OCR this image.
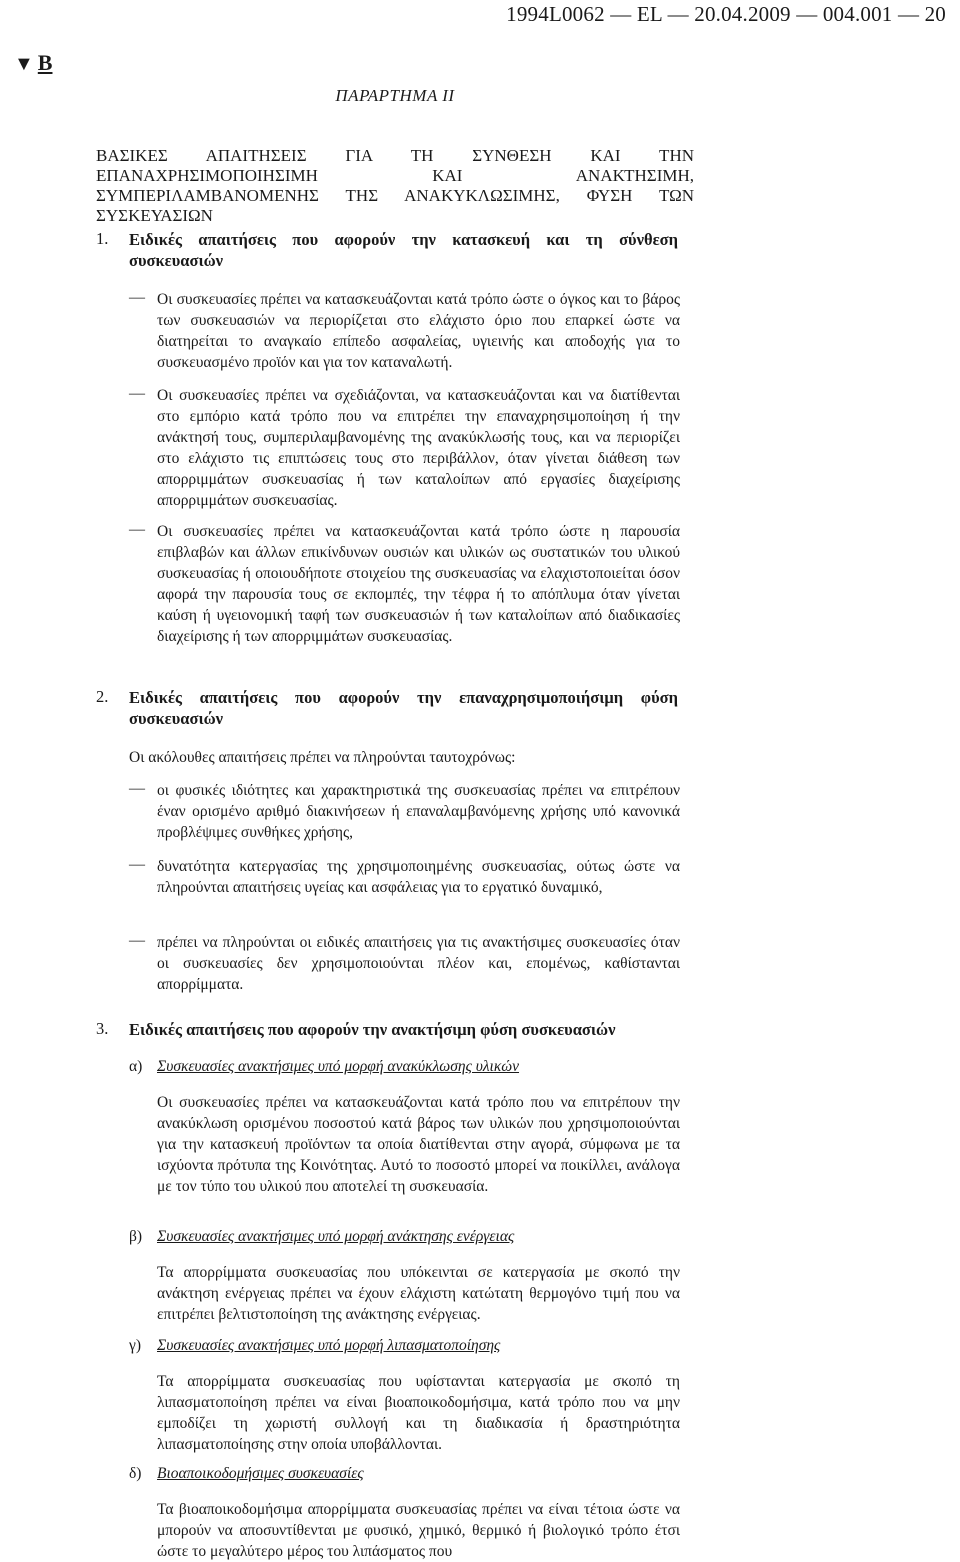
1994L0062 — EL — 20.04.2009 — 004.001 — 20
▼ B
ΠΑΡΑΡΤΗΜΑ II
ΒΑΣΙΚΕΣ ΑΠΑΙΤΗΣΕΙΣ ΓΙΑ ΤΗ ΣΥΝΘΕΣΗ ΚΑΙ ΤΗΝ ΕΠΑΝΑΧΡΗΣΙΜΟΠΟΙΗΣΙΜΗ ΚΑΙ ΑΝΑΚΤΗΣΙΜΗ, ΣΥΜΠΕΡΙΛΑΜΒΑΝΟΜΕΝΗΣ ΤΗΣ ΑΝΑΚΥΚΛΩΣΙΜΗΣ, ΦΥΣΗ ΤΩΝ ΣΥΣΚΕΥΑΣΙΩΝ
1. Ειδικές απαιτήσεις που αφορούν την κατασκευή και τη σύνθεση συσκευασιών
— Οι συσκευασίες πρέπει να κατασκευάζονται κατά τρόπο ώστε ο όγκος και το βάρος των συσκευασιών να περιορίζεται στο ελάχιστο όριο που επαρκεί ώστε να διατηρείται το αναγκαίο επίπεδο ασφαλείας, υγιεινής και αποδοχής για το συσκευασμένο προϊόν και για τον καταναλωτή.
— Οι συσκευασίες πρέπει να σχεδιάζονται, να κατασκευάζονται και να διατίθενται στο εμπόριο κατά τρόπο που να επιτρέπει την επαναχρησιμοποίηση ή την ανάκτησή τους, συμπεριλαμβανομένης της ανακύκλωσής τους, και να περιορίζει στο ελάχιστο τις επιπτώσεις τους στο περιβάλλον, όταν γίνεται διάθεση των απορριμμάτων συσκευασίας ή των καταλοίπων από εργασίες διαχείρισης απορριμμάτων συσκευασίας.
— Οι συσκευασίες πρέπει να κατασκευάζονται κατά τρόπο ώστε η παρουσία επιβλαβών και άλλων επικίνδυνων ουσιών και υλικών ως συστατικών του υλικού συσκευασίας ή οποιουδήποτε στοιχείου της συσκευασίας να ελαχιστοποιείται όσον αφορά την παρουσία τους σε εκπομπές, την τέφρα ή το απόπλυμα όταν γίνεται καύση ή υγειονομική ταφή των συσκευασιών ή των καταλοίπων από διαδικασίες διαχείρισης ή των απορριμμάτων συσκευασίας.
2. Ειδικές απαιτήσεις που αφορούν την επαναχρησιμοποιήσιμη φύση συσκευασιών
Οι ακόλουθες απαιτήσεις πρέπει να πληρούνται ταυτοχρόνως:
— οι φυσικές ιδιότητες και χαρακτηριστικά της συσκευασίας πρέπει να επιτρέπουν έναν ορισμένο αριθμό διακινήσεων ή επαναλαμβανόμενης χρήσης υπό κανονικά προβλέψιμες συνθήκες χρήσης,
— δυνατότητα κατεργασίας της χρησιμοποιημένης συσκευασίας, ούτως ώστε να πληρούνται απαιτήσεις υγείας και ασφάλειας για το εργατικό δυναμικό,
— πρέπει να πληρούνται οι ειδικές απαιτήσεις για τις ανακτήσιμες συσκευασίες όταν οι συσκευασίες δεν χρησιμοποιούνται πλέον και, επομένως, καθίστανται απορρίμματα.
3. Ειδικές απαιτήσεις που αφορούν την ανακτήσιμη φύση συσκευασιών
α) Συσκευασίες ανακτήσιμες υπό μορφή ανακύκλωσης υλικών
Οι συσκευασίες πρέπει να κατασκευάζονται κατά τρόπο που να επιτρέπουν την ανακύκλωση ορισμένου ποσοστού κατά βάρος των υλικών που χρησιμοποιούνται για την κατασκευή προϊόντων τα οποία διατίθενται στην αγορά, σύμφωνα με τα ισχύοντα πρότυπα της Κοινότητας. Αυτό το ποσοστό μπορεί να ποικίλλει, ανάλογα με τον τύπο του υλικού που αποτελεί τη συσκευασία.
β) Συσκευασίες ανακτήσιμες υπό μορφή ανάκτησης ενέργειας
Τα απορρίμματα συσκευασίας που υπόκεινται σε κατεργασία με σκοπό την ανάκτηση ενέργειας πρέπει να έχουν ελάχιστη κατώτατη θερμογόνο τιμή που να επιτρέπει βελτιστοποίηση της ανάκτησης ενέργειας.
γ) Συσκευασίες ανακτήσιμες υπό μορφή λιπασματοποίησης
Τα απορρίμματα συσκευασίας που υφίστανται κατεργασία με σκοπό τη λιπασματοποίηση πρέπει να είναι βιοαποικοδομήσιμα, κατά τρόπο που να μην εμποδίζει τη χωριστή συλλογή και τη διαδικασία ή δραστηριότητα λιπασματοποίησης στην οποία υποβάλλονται.
δ) Βιοαποικοδομήσιμες συσκευασίες
Τα βιοαποικοδομήσιμα απορρίμματα συσκευασίας πρέπει να είναι τέτοια ώστε να μπορούν να αποσυντίθενται με φυσικό, χημικό, θερμικό ή βιολογικό τρόπο έτσι ώστε το μεγαλύτερο μέρος του λιπάσματος που
